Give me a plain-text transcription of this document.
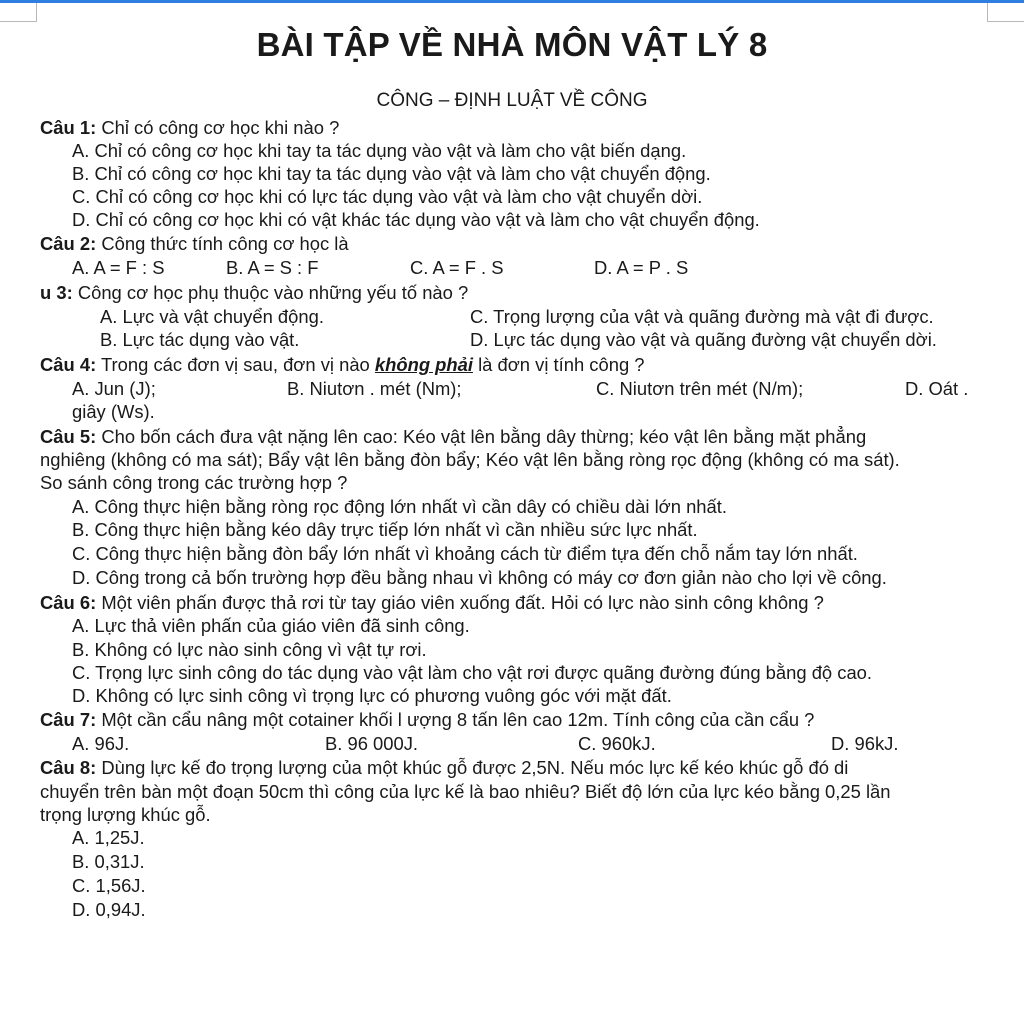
BÀI TẬP VỀ NHÀ MÔN VẬT LÝ 8
CÔNG – ĐỊNH LUẬT VỀ CÔNG
Câu 1: Chỉ có công cơ học khi nào ?
A. Chỉ có công cơ học khi tay ta tác dụng vào vật và làm cho vật biến dạng.
B. Chỉ có công cơ học khi tay ta tác dụng vào vật và làm cho vật chuyển động.
C. Chỉ có công cơ học khi có lực tác dụng vào vật và làm cho vật chuyển dời.
D. Chỉ có công cơ học khi có vật khác tác dụng vào vật và làm cho vật chuyển động.
Câu 2: Công thức tính công cơ học là
A. A = F : S	B. A = S : F	C. A = F . S	D. A = P . S
u 3: Công cơ học phụ thuộc vào những yếu tố nào ?
A. Lực và vật chuyển động.	C. Trọng lượng của vật và quãng đường mà vật đi được.
B. Lực tác dụng vào vật.	D. Lực tác dụng vào vật và quãng đường vật chuyển dời.
Câu 4: Trong các đơn vị sau, đơn vị nào không phải là đơn vị tính công ?
A. Jun (J);	B. Niutơn . mét (Nm);	C. Niutơn trên mét (N/m);	D. Oát .
giây (Ws).
Câu 5: Cho bốn cách đưa vật nặng lên cao: Kéo vật lên bằng dây thừng; kéo vật lên bằng mặt phẳng
nghiêng (không có ma sát); Bẩy vật lên bằng đòn bẩy; Kéo vật lên bằng ròng rọc động (không có ma sát).
So sánh công trong các trường hợp ?
A. Công thực hiện bằng ròng rọc động lớn nhất vì cần dây có chiều dài lớn nhất.
B. Công thực hiện bằng kéo dây trực tiếp lớn nhất vì cần nhiều sức lực nhất.
C. Công thực hiện bằng đòn bẩy lớn nhất vì khoảng cách từ điểm tựa đến chỗ nắm tay lớn nhất.
D. Công trong cả bốn trường hợp đều bằng nhau vì không có máy cơ đơn giản nào cho lợi về công.
Câu 6: Một viên phấn được thả rơi từ tay giáo viên xuống đất. Hỏi có lực nào sinh công không ?
A. Lực thả viên phấn của giáo viên đã sinh công.
B. Không có lực nào sinh công vì vật tự rơi.
C. Trọng lực sinh công do tác dụng vào vật làm cho vật rơi được quãng đường đúng bằng độ cao.
D. Không có lực sinh công vì trọng lực có phương vuông góc với mặt đất.
Câu 7: Một cần cẩu nâng một cotainer khối l ượng 8 tấn lên cao 12m. Tính công của cần cẩu ?
A. 96J.	B. 96 000J.	C. 960kJ.	D. 96kJ.
Câu 8: Dùng lực kế đo trọng lượng của một khúc gỗ được 2,5N. Nếu móc lực kế kéo khúc gỗ đó di
chuyển trên bàn một đoạn 50cm thì công của lực kế là bao nhiêu? Biết độ lớn của lực kéo bằng 0,25 lần
trọng lượng khúc gỗ.
A. 1,25J.
B. 0,31J.
C. 1,56J.
D. 0,94J.
